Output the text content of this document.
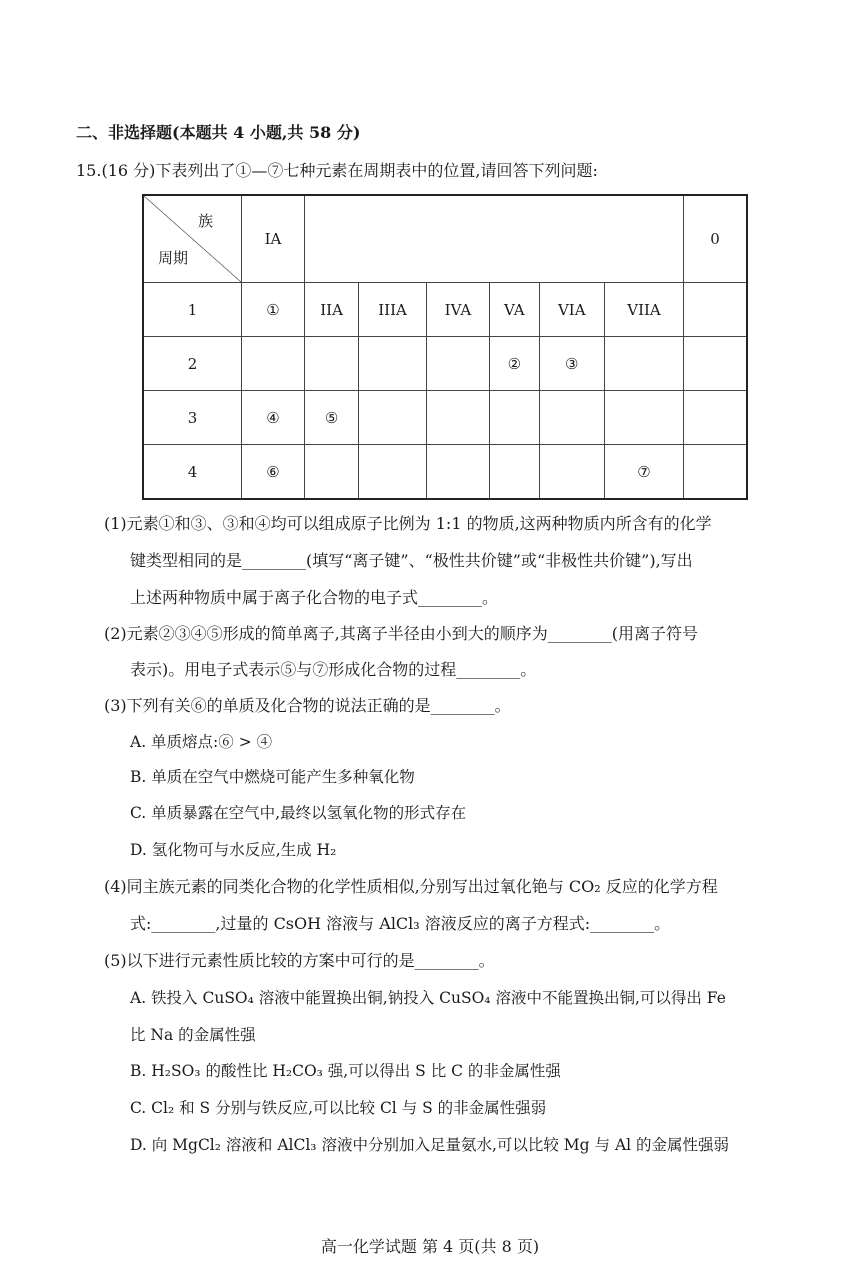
二、非选择题(本题共 4 小题,共 58 分)
15.(16 分)下表列出了①—⑦七种元素在周期表中的位置,请回答下列问题:
族
周期	IA							0
1	①	IIA	IIIA	IVA	VA	VIA	VIIA	
2					②	③		
3	④	⑤						
4	⑥						⑦	
(1)元素①和③、③和④均可以组成原子比例为 1:1 的物质,这两种物质内所含有的化学
键类型相同的是________(填写“离子键”、“极性共价键”或“非极性共价键”),写出
上述两种物质中属于离子化合物的电子式________。
(2)元素②③④⑤形成的简单离子,其离子半径由小到大的顺序为________(用离子符号
表示)。用电子式表示⑤与⑦形成化合物的过程________。
(3)下列有关⑥的单质及化合物的说法正确的是________。
A. 单质熔点:⑥ > ④
B. 单质在空气中燃烧可能产生多种氧化物
C. 单质暴露在空气中,最终以氢氧化物的形式存在
D. 氢化物可与水反应,生成 H₂
(4)同主族元素的同类化合物的化学性质相似,分别写出过氧化铯与 CO₂ 反应的化学方程
式:________,过量的 CsOH 溶液与 AlCl₃ 溶液反应的离子方程式:________。
(5)以下进行元素性质比较的方案中可行的是________。
A. 铁投入 CuSO₄ 溶液中能置换出铜,钠投入 CuSO₄ 溶液中不能置换出铜,可以得出 Fe
比 Na 的金属性强
B. H₂SO₃ 的酸性比 H₂CO₃ 强,可以得出 S 比 C 的非金属性强
C. Cl₂ 和 S 分别与铁反应,可以比较 Cl 与 S 的非金属性强弱
D. 向 MgCl₂ 溶液和 AlCl₃ 溶液中分别加入足量氨水,可以比较 Mg 与 Al 的金属性强弱
高一化学试题 第 4 页(共 8 页)
